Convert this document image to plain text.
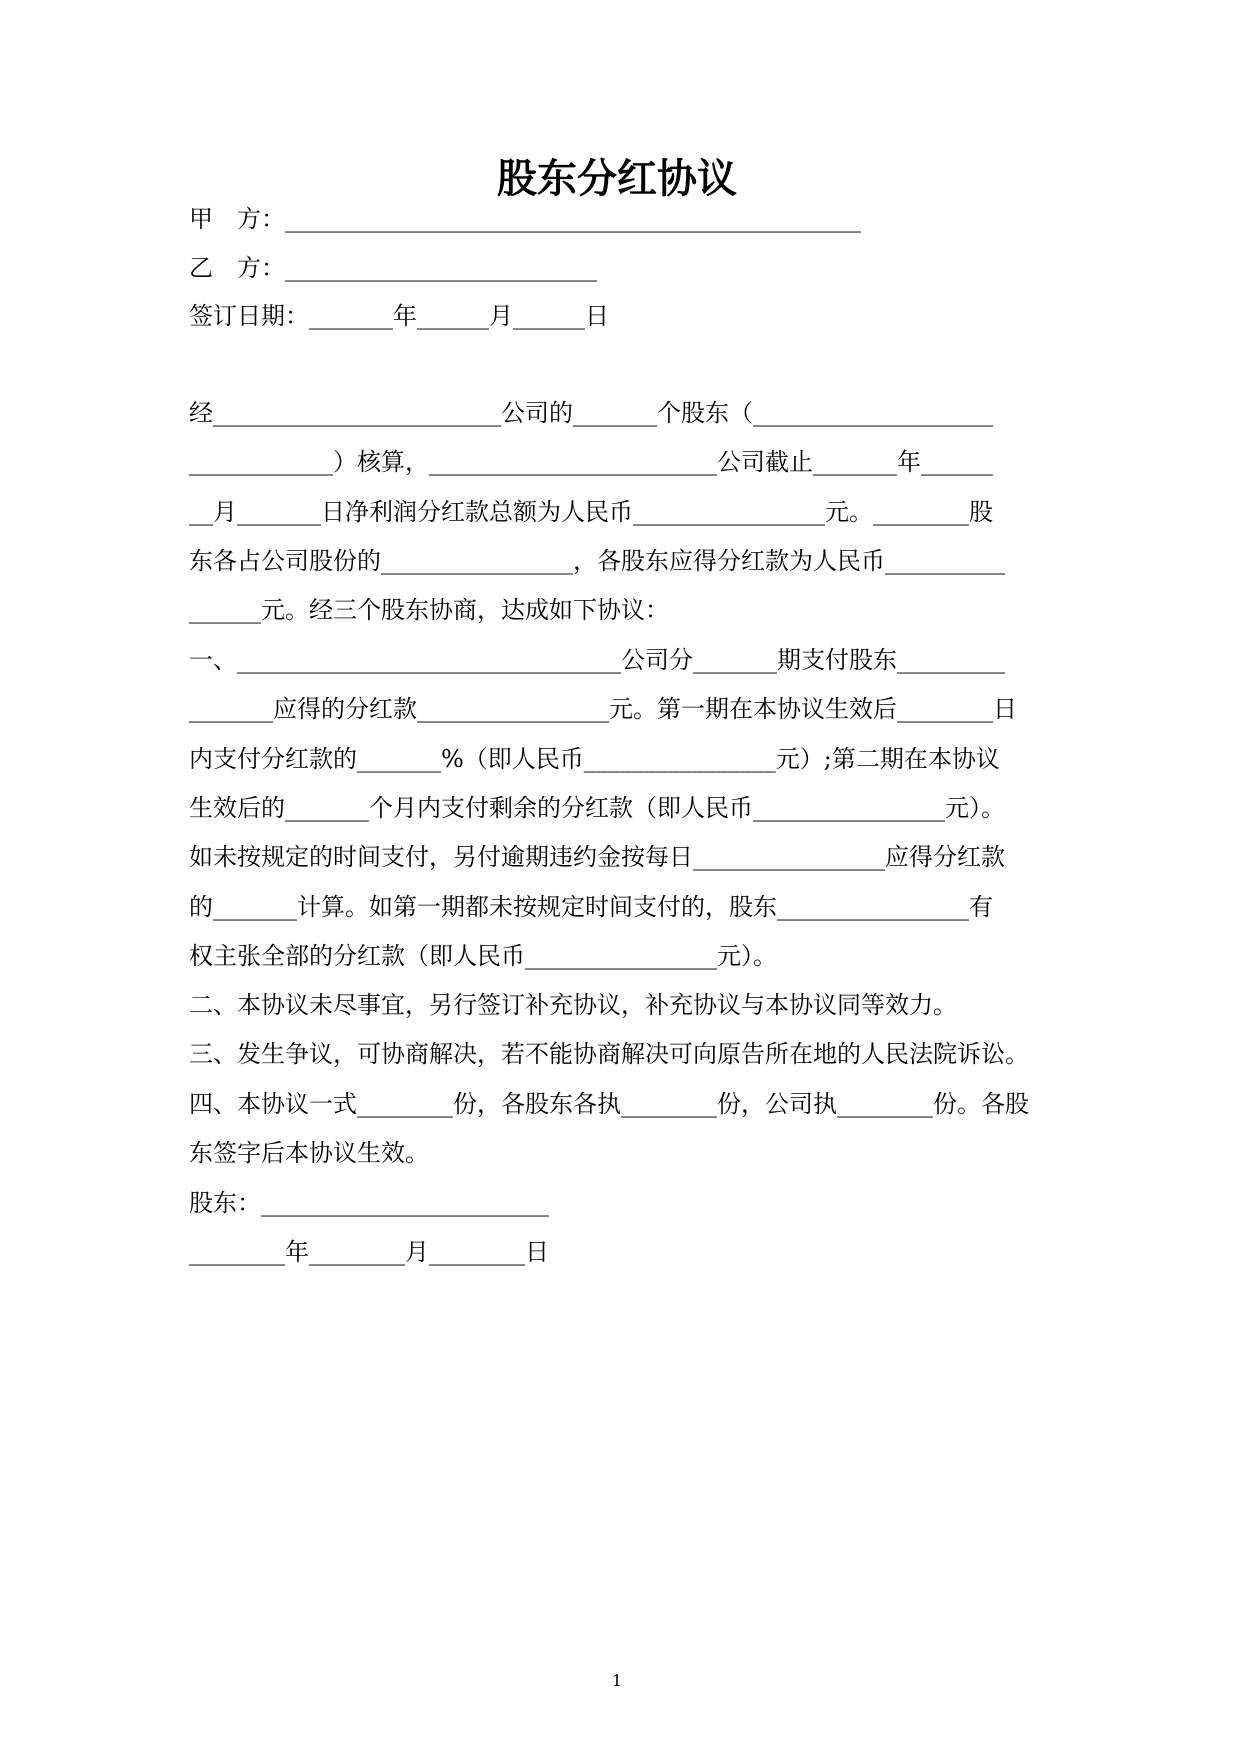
股东分红协议
甲　方：________________________________________________
乙　方：__________________________
签订日期：_______年______月______日
经________________________公司的_______个股东（____________________
____________）核算，________________________公司截止_______年______
__月_______日净利润分红款总额为人民币________________元。________股
东各占公司股份的________________，各股东应得分红款为人民币__________
______元。经三个股东协商，达成如下协议：
一、________________________________公司分_______期支付股东_________
_______应得的分红款________________元。第一期在本协议生效后________日
内支付分红款的_______%（即人民币________________元）;第二期在本协议
生效后的_______个月内支付剩余的分红款（即人民币________________元）。
如未按规定的时间支付，另付逾期违约金按每日________________应得分红款
的_______计算。如第一期都未按规定时间支付的，股东________________有
权主张全部的分红款（即人民币________________元）。
二、本协议未尽事宜，另行签订补充协议，补充协议与本协议同等效力。
三、发生争议，可协商解决，若不能协商解决可向原告所在地的人民法院诉讼。
四、本协议一式________份，各股东各执________份，公司执________份。各股
东签字后本协议生效。
股东：________________________
________年________月________日
1
